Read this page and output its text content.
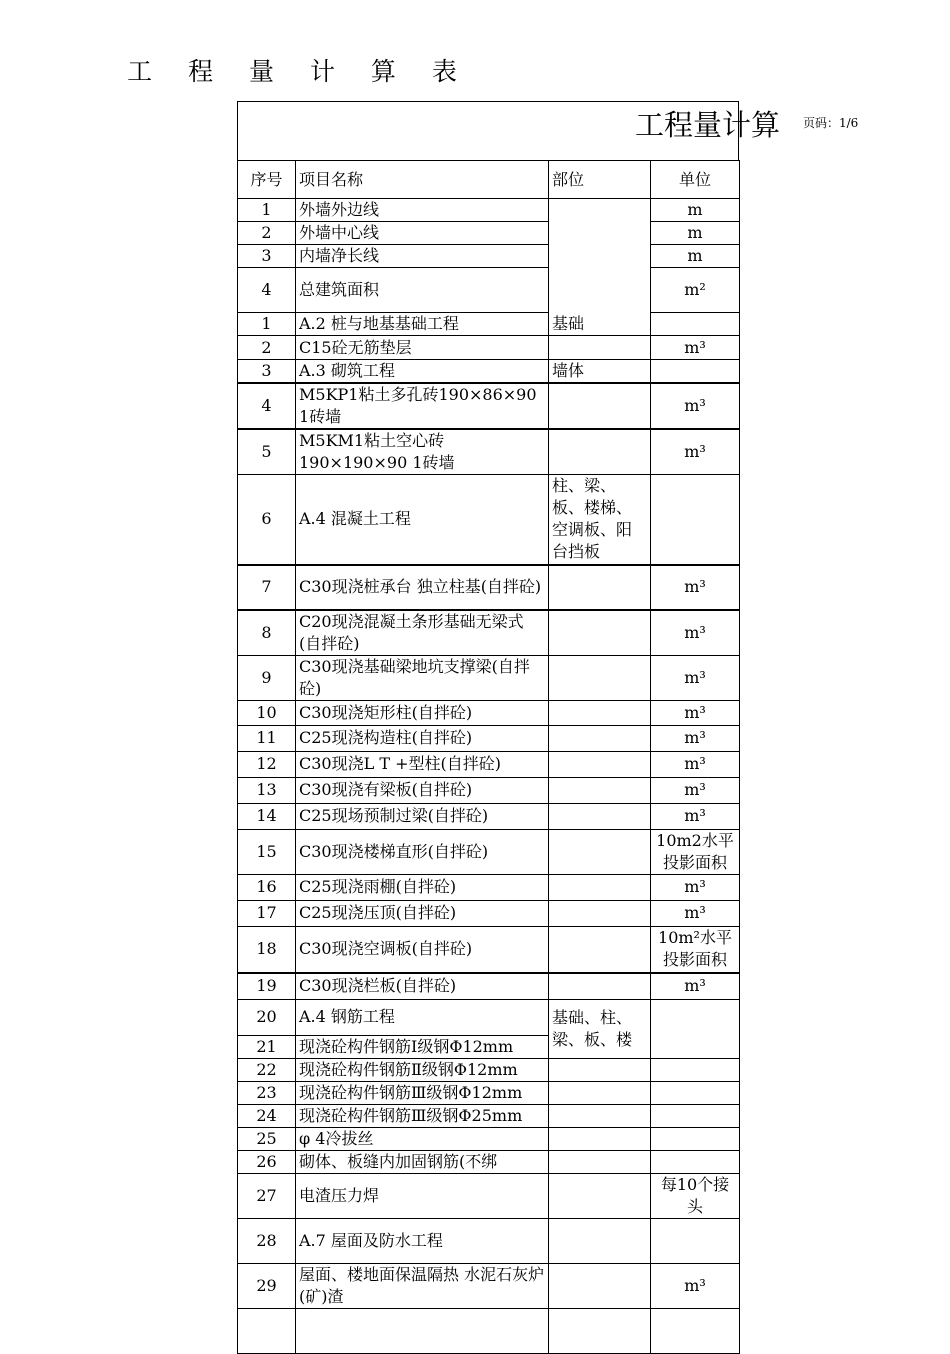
工 程 量 计 算 表
工程量计算 页码：1/6
序号	项目名称	部位	单位
1	外墙外边线	基础	m
2	外墙中心线		m
3	内墙净长线		m
4	总建筑面积		m²
1	A.2 桩与地基基础工程		
2	C15砼无筋垫层		m³
3	A.3 砌筑工程	墙体	
4	M5KP1粘土多孔砖190×86×90 1砖墙		m³
5	M5KM1粘土空心砖190×190×90 1砖墙		m³
6	A.4 混凝土工程	柱、梁、板、楼梯、空调板、阳台挡板	
7	C30现浇桩承台 独立柱基(自拌砼)		m³
8	C20现浇混凝土条形基础无梁式(自拌砼)		m³
9	C30现浇基础梁地坑支撑梁(自拌砼)		m³
10	C30现浇矩形柱(自拌砼)		m³
11	C25现浇构造柱(自拌砼)		m³
12	C30现浇L T +型柱(自拌砼)		m³
13	C30现浇有梁板(自拌砼)		m³
14	C25现场预制过梁(自拌砼)		m³
15	C30现浇楼梯直形(自拌砼)		10m2水平投影面积
16	C25现浇雨棚(自拌砼)		m³
17	C25现浇压顶(自拌砼)		m³
18	C30现浇空调板(自拌砼)		10m²水平投影面积
19	C30现浇栏板(自拌砼)		m³
20	A.4 钢筋工程	基础、柱、梁、板、楼	
21	现浇砼构件钢筋Ⅰ级钢Φ12mm		
22	现浇砼构件钢筋Ⅱ级钢Φ12mm		
23	现浇砼构件钢筋Ⅲ级钢Φ12mm		
24	现浇砼构件钢筋Ⅲ级钢Φ25mm		
25	φ 4冷拔丝		
26	砌体、板缝内加固钢筋(不绑		
27	电渣压力焊		每10个接头
28	A.7 屋面及防水工程		
29	屋面、楼地面保温隔热 水泥石灰炉(矿)渣		m³
